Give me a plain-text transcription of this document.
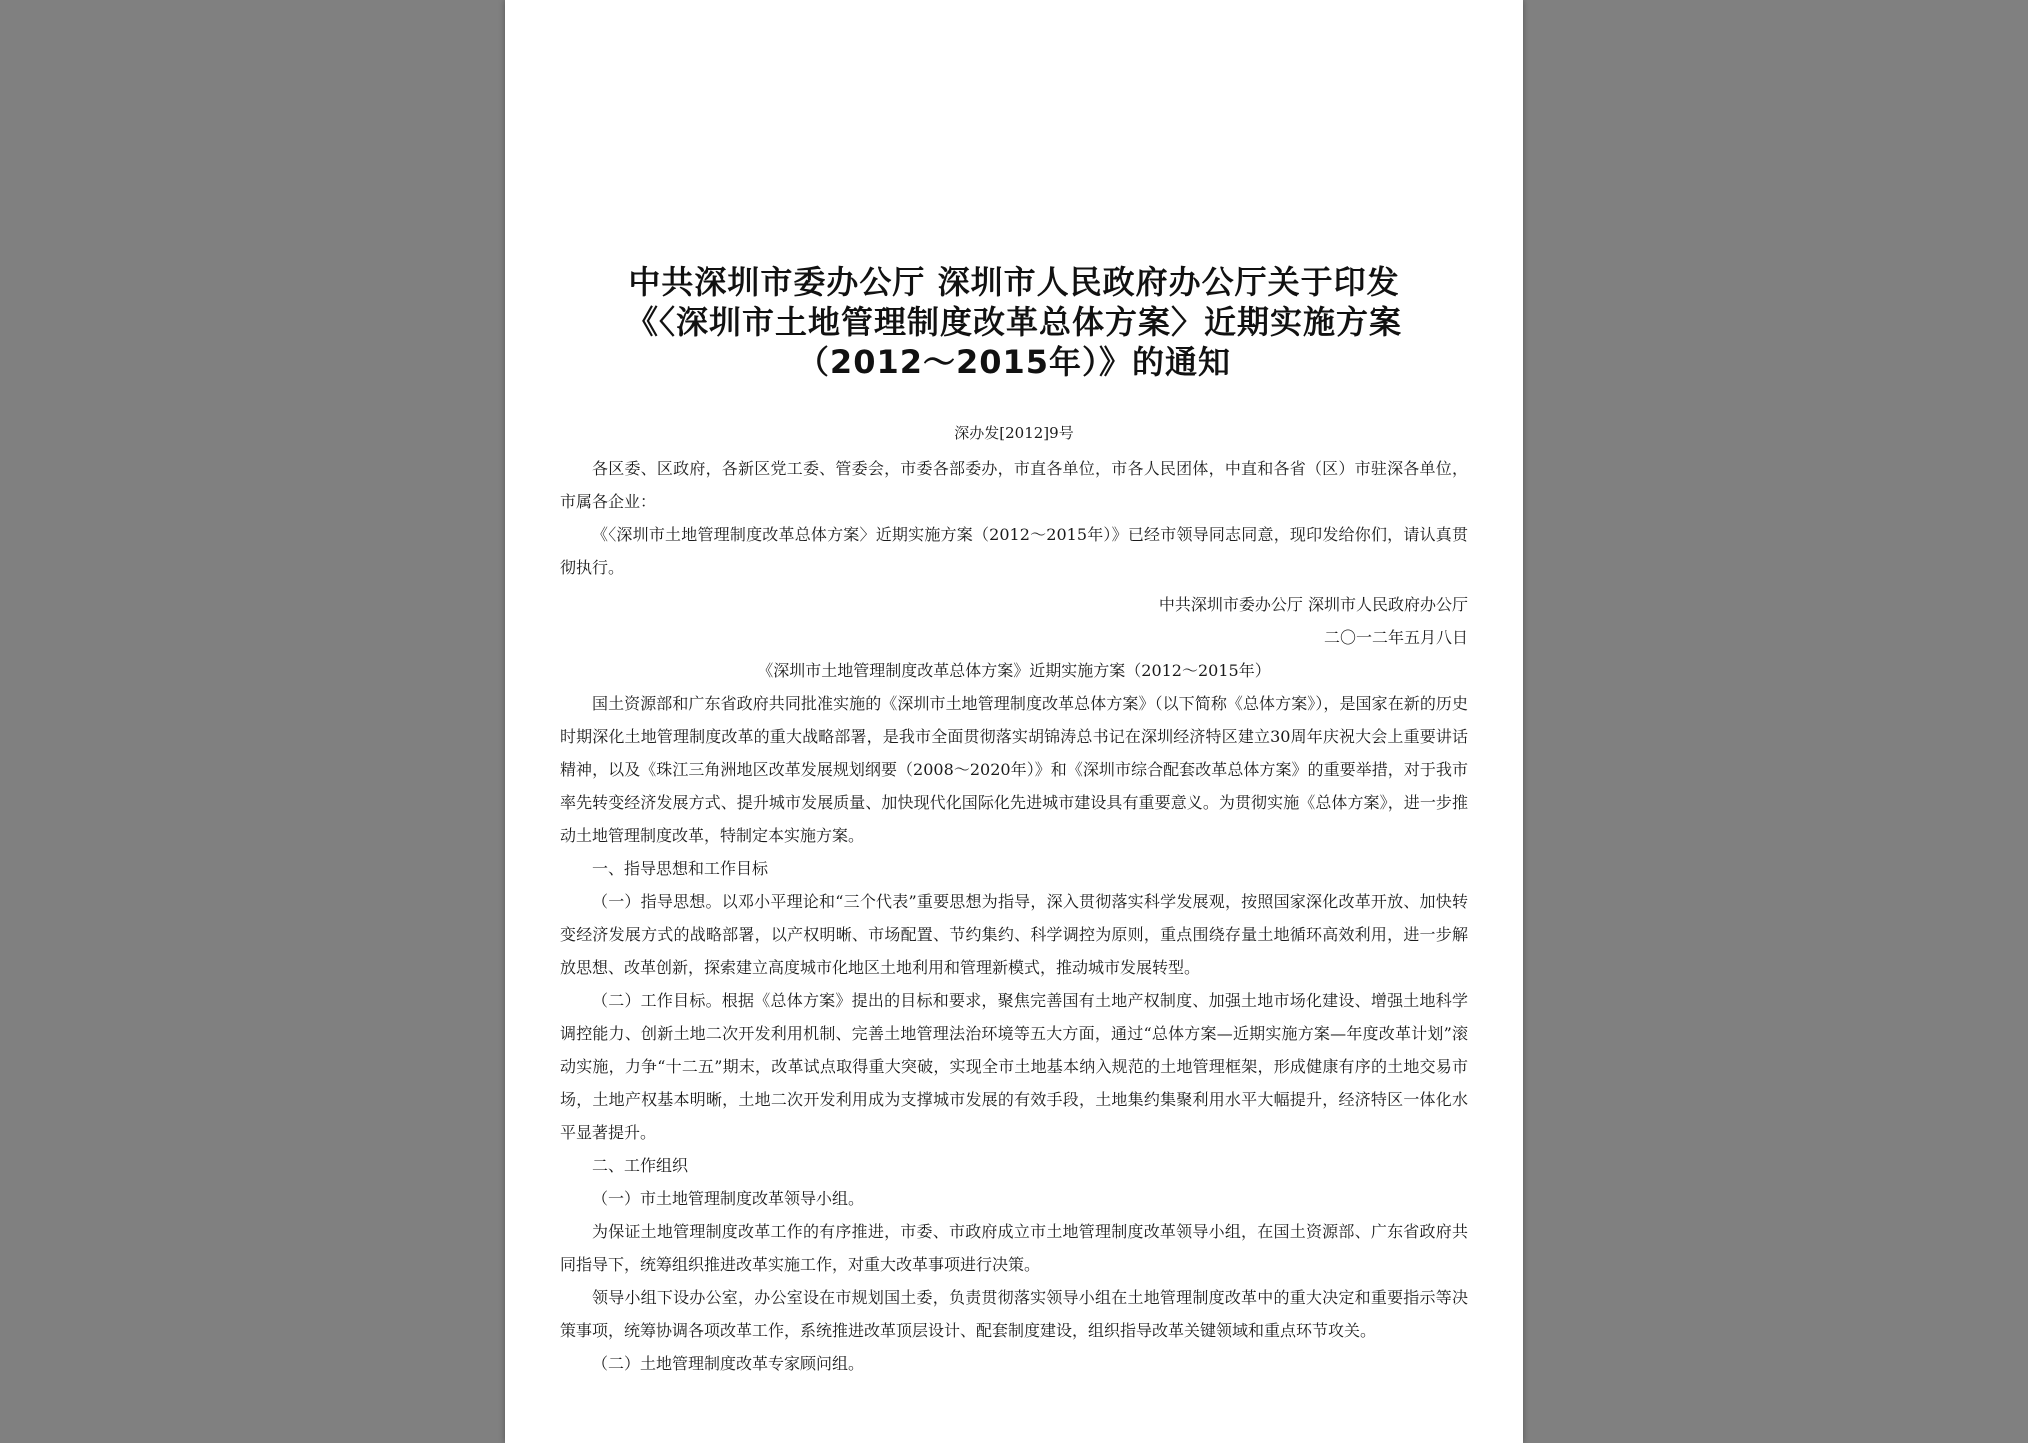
中共深圳市委办公厅 深圳市人民政府办公厅关于印发
《〈深圳市土地管理制度改革总体方案〉近期实施方案
（2012～2015年）》的通知
深办发[2012]9号

各区委、区政府，各新区党工委、管委会，市委各部委办，市直各单位，市各人民团体，中直和各省（区）市驻深各单位，市属各企业：

《〈深圳市土地管理制度改革总体方案〉近期实施方案（2012～2015年）》已经市领导同志同意，现印发给你们，请认真贯彻执行。

中共深圳市委办公厅 深圳市人民政府办公厅

二〇一二年五月八日

《深圳市土地管理制度改革总体方案》近期实施方案（2012～2015年）

国土资源部和广东省政府共同批准实施的《深圳市土地管理制度改革总体方案》（以下简称《总体方案》），是国家在新的历史时期深化土地管理制度改革的重大战略部署，是我市全面贯彻落实胡锦涛总书记在深圳经济特区建立30周年庆祝大会上重要讲话精神，以及《珠江三角洲地区改革发展规划纲要（2008～2020年）》和《深圳市综合配套改革总体方案》的重要举措，对于我市率先转变经济发展方式、提升城市发展质量、加快现代化国际化先进城市建设具有重要意义。为贯彻实施《总体方案》，进一步推动土地管理制度改革，特制定本实施方案。

一、指导思想和工作目标

（一）指导思想。以邓小平理论和“三个代表”重要思想为指导，深入贯彻落实科学发展观，按照国家深化改革开放、加快转变经济发展方式的战略部署，以产权明晰、市场配置、节约集约、科学调控为原则，重点围绕存量土地循环高效利用，进一步解放思想、改革创新，探索建立高度城市化地区土地利用和管理新模式，推动城市发展转型。

（二）工作目标。根据《总体方案》提出的目标和要求，聚焦完善国有土地产权制度、加强土地市场化建设、增强土地科学调控能力、创新土地二次开发利用机制、完善土地管理法治环境等五大方面，通过“总体方案—近期实施方案—年度改革计划”滚动实施，力争“十二五”期末，改革试点取得重大突破，实现全市土地基本纳入规范的土地管理框架，形成健康有序的土地交易市场，土地产权基本明晰，土地二次开发利用成为支撑城市发展的有效手段，土地集约集聚利用水平大幅提升，经济特区一体化水平显著提升。

二、工作组织

（一）市土地管理制度改革领导小组。

为保证土地管理制度改革工作的有序推进，市委、市政府成立市土地管理制度改革领导小组，在国土资源部、广东省政府共同指导下，统筹组织推进改革实施工作，对重大改革事项进行决策。

领导小组下设办公室，办公室设在市规划国土委，负责贯彻落实领导小组在土地管理制度改革中的重大决定和重要指示等决策事项，统筹协调各项改革工作，系统推进改革顶层设计、配套制度建设，组织指导改革关键领域和重点环节攻关。

（二）土地管理制度改革专家顾问组。
